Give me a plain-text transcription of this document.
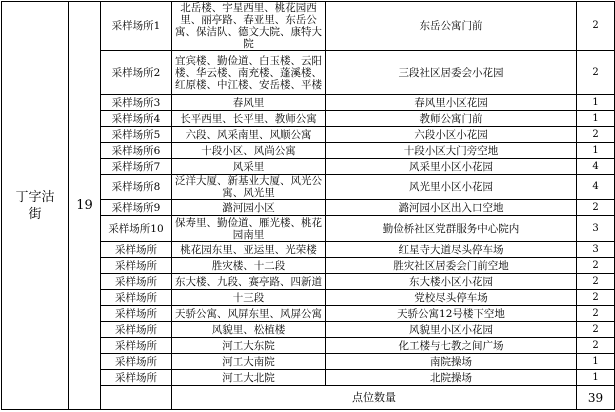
丁字沽街	19	采样场所1	北岳楼、宇星西里、桃花园西里、丽亭路、春亚里、东岳公寓、保洁队、德文大院、康特大院	东岳公寓门前	2
		采样场所2	宜宾楼、勤俭道、白玉楼、云阳楼、华云楼、南充楼、蓬溪楼、红原楼、中江楼、安岳楼、平楼	三段社区居委会小花园	2
		采样场所3	春风里	春风里小区花园	1
		采样场所4	长平西里、长平里、教师公寓	教师公寓门前	1
		采样场所5	六段、风采南里、风顺公寓	六段小区小花园	2
		采样场所6	十段小区、风尚公寓	十段小区大门旁空地	1
		采样场所7	风采里	风采里小区小花园	4
		采样场所8	泛洋大厦、新基业大厦、风光公寓、风光里	风光里小区小花园	4
		采样场所9	潞河园小区	潞河园小区出入口空地	2
		采样场所10	保寿里、勤俭道、雁光楼、桃花园南里	勤俭桥社区党群服务中心院内	3
		采样场所	桃花园东里、亚运里、光荣楼	红星寺大道尽头停车场	3
		采样场所	胜灾楼、十二段	胜灾社区居委会门前空地	2
		采样场所	东大楼、九段、赛亭路、四新道	东大楼小区小花园	2
		采样场所	十三段	党校尽头停车场	2
		采样场所	天骄公寓、风屏东里、风屏公寓	天骄公寓12号楼下空地	2
		采样场所	风貌里、松植楼	风貌里小区小花园	2
		采样场所	河工大东院	化工楼与七教之间广场	2
		采样场所	河工大南院	南院操场	1
		采样场所	河工大北院	北院操场	1
			点位数量		39
